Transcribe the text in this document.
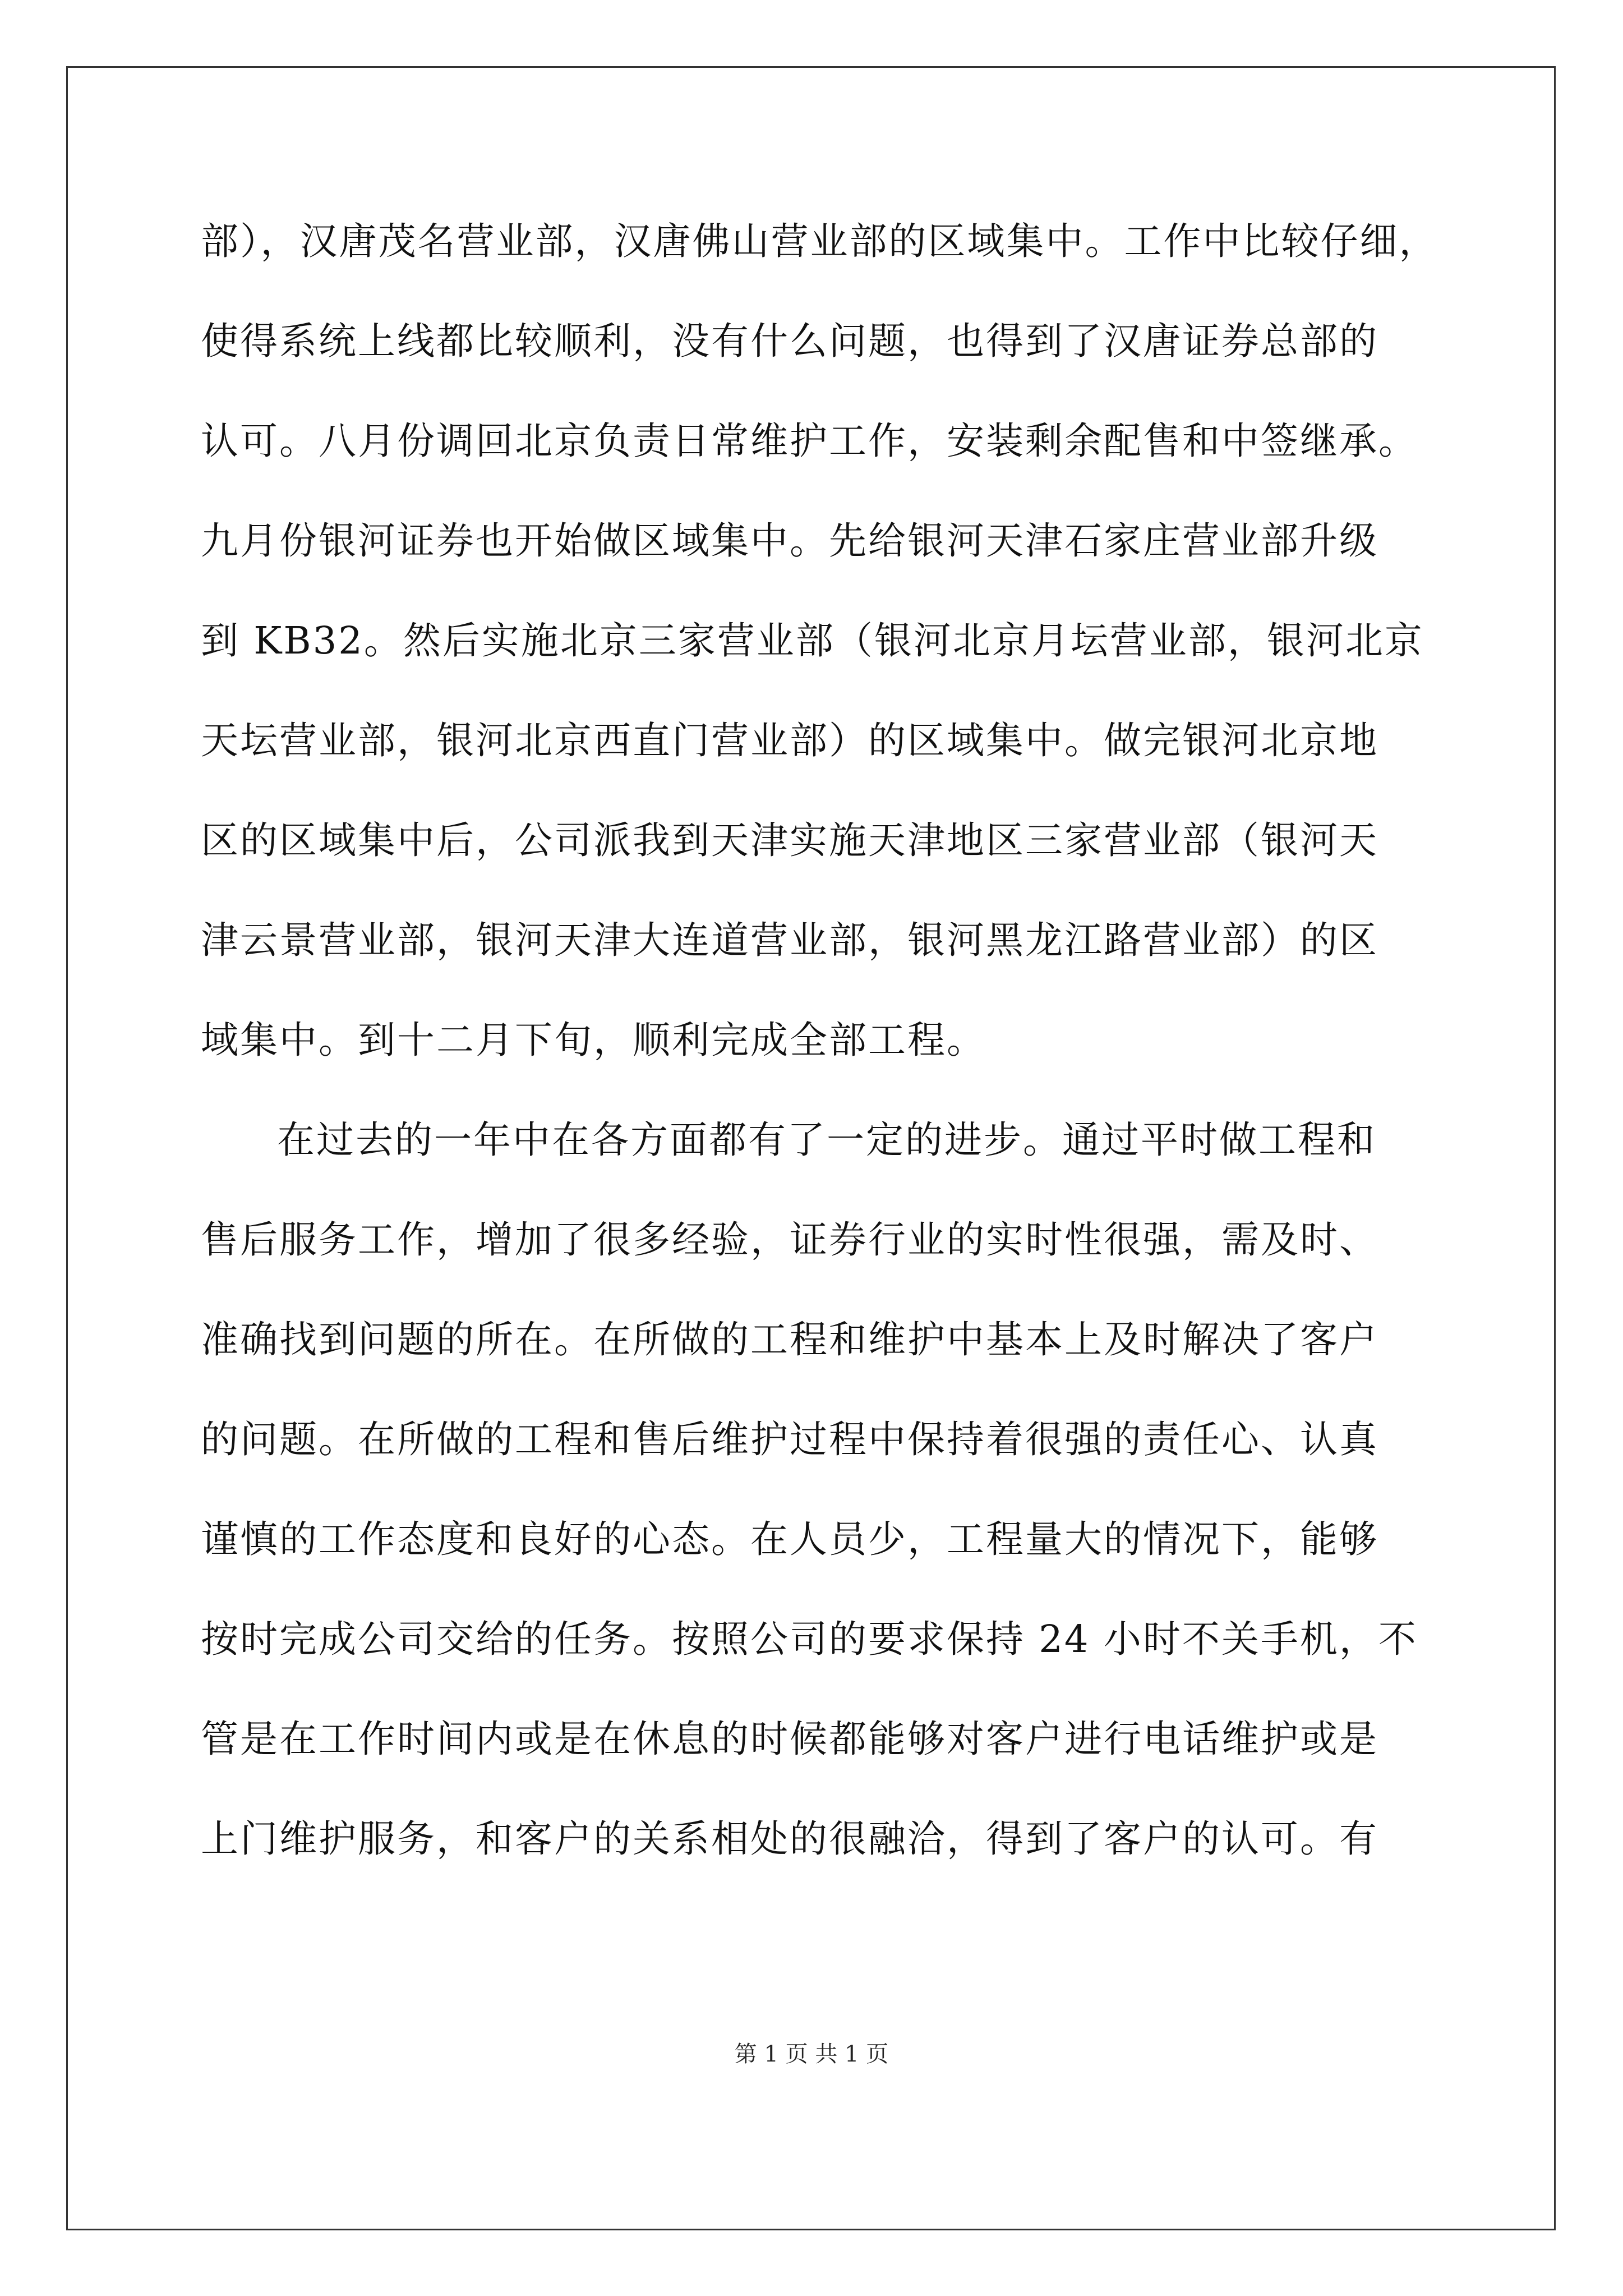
部），汉唐茂名营业部，汉唐佛山营业部的区域集中。工作中比较仔细，
使得系统上线都比较顺利，没有什么问题，也得到了汉唐证券总部的
认可。八月份调回北京负责日常维护工作，安装剩余配售和中签继承。
九月份银河证券也开始做区域集中。先给银河天津石家庄营业部升级
到 KB32。然后实施北京三家营业部（银河北京月坛营业部，银河北京
天坛营业部，银河北京西直门营业部）的区域集中。做完银河北京地
区的区域集中后，公司派我到天津实施天津地区三家营业部（银河天
津云景营业部，银河天津大连道营业部，银河黑龙江路营业部）的区
域集中。到十二月下旬，顺利完成全部工程。
在过去的一年中在各方面都有了一定的进步。通过平时做工程和
售后服务工作，增加了很多经验，证券行业的实时性很强，需及时、
准确找到问题的所在。在所做的工程和维护中基本上及时解决了客户
的问题。在所做的工程和售后维护过程中保持着很强的责任心、认真
谨慎的工作态度和良好的心态。在人员少，工程量大的情况下，能够
按时完成公司交给的任务。按照公司的要求保持 24 小时不关手机，不
管是在工作时间内或是在休息的时候都能够对客户进行电话维护或是
上门维护服务，和客户的关系相处的很融洽，得到了客户的认可。有
第 1 页 共 1 页
